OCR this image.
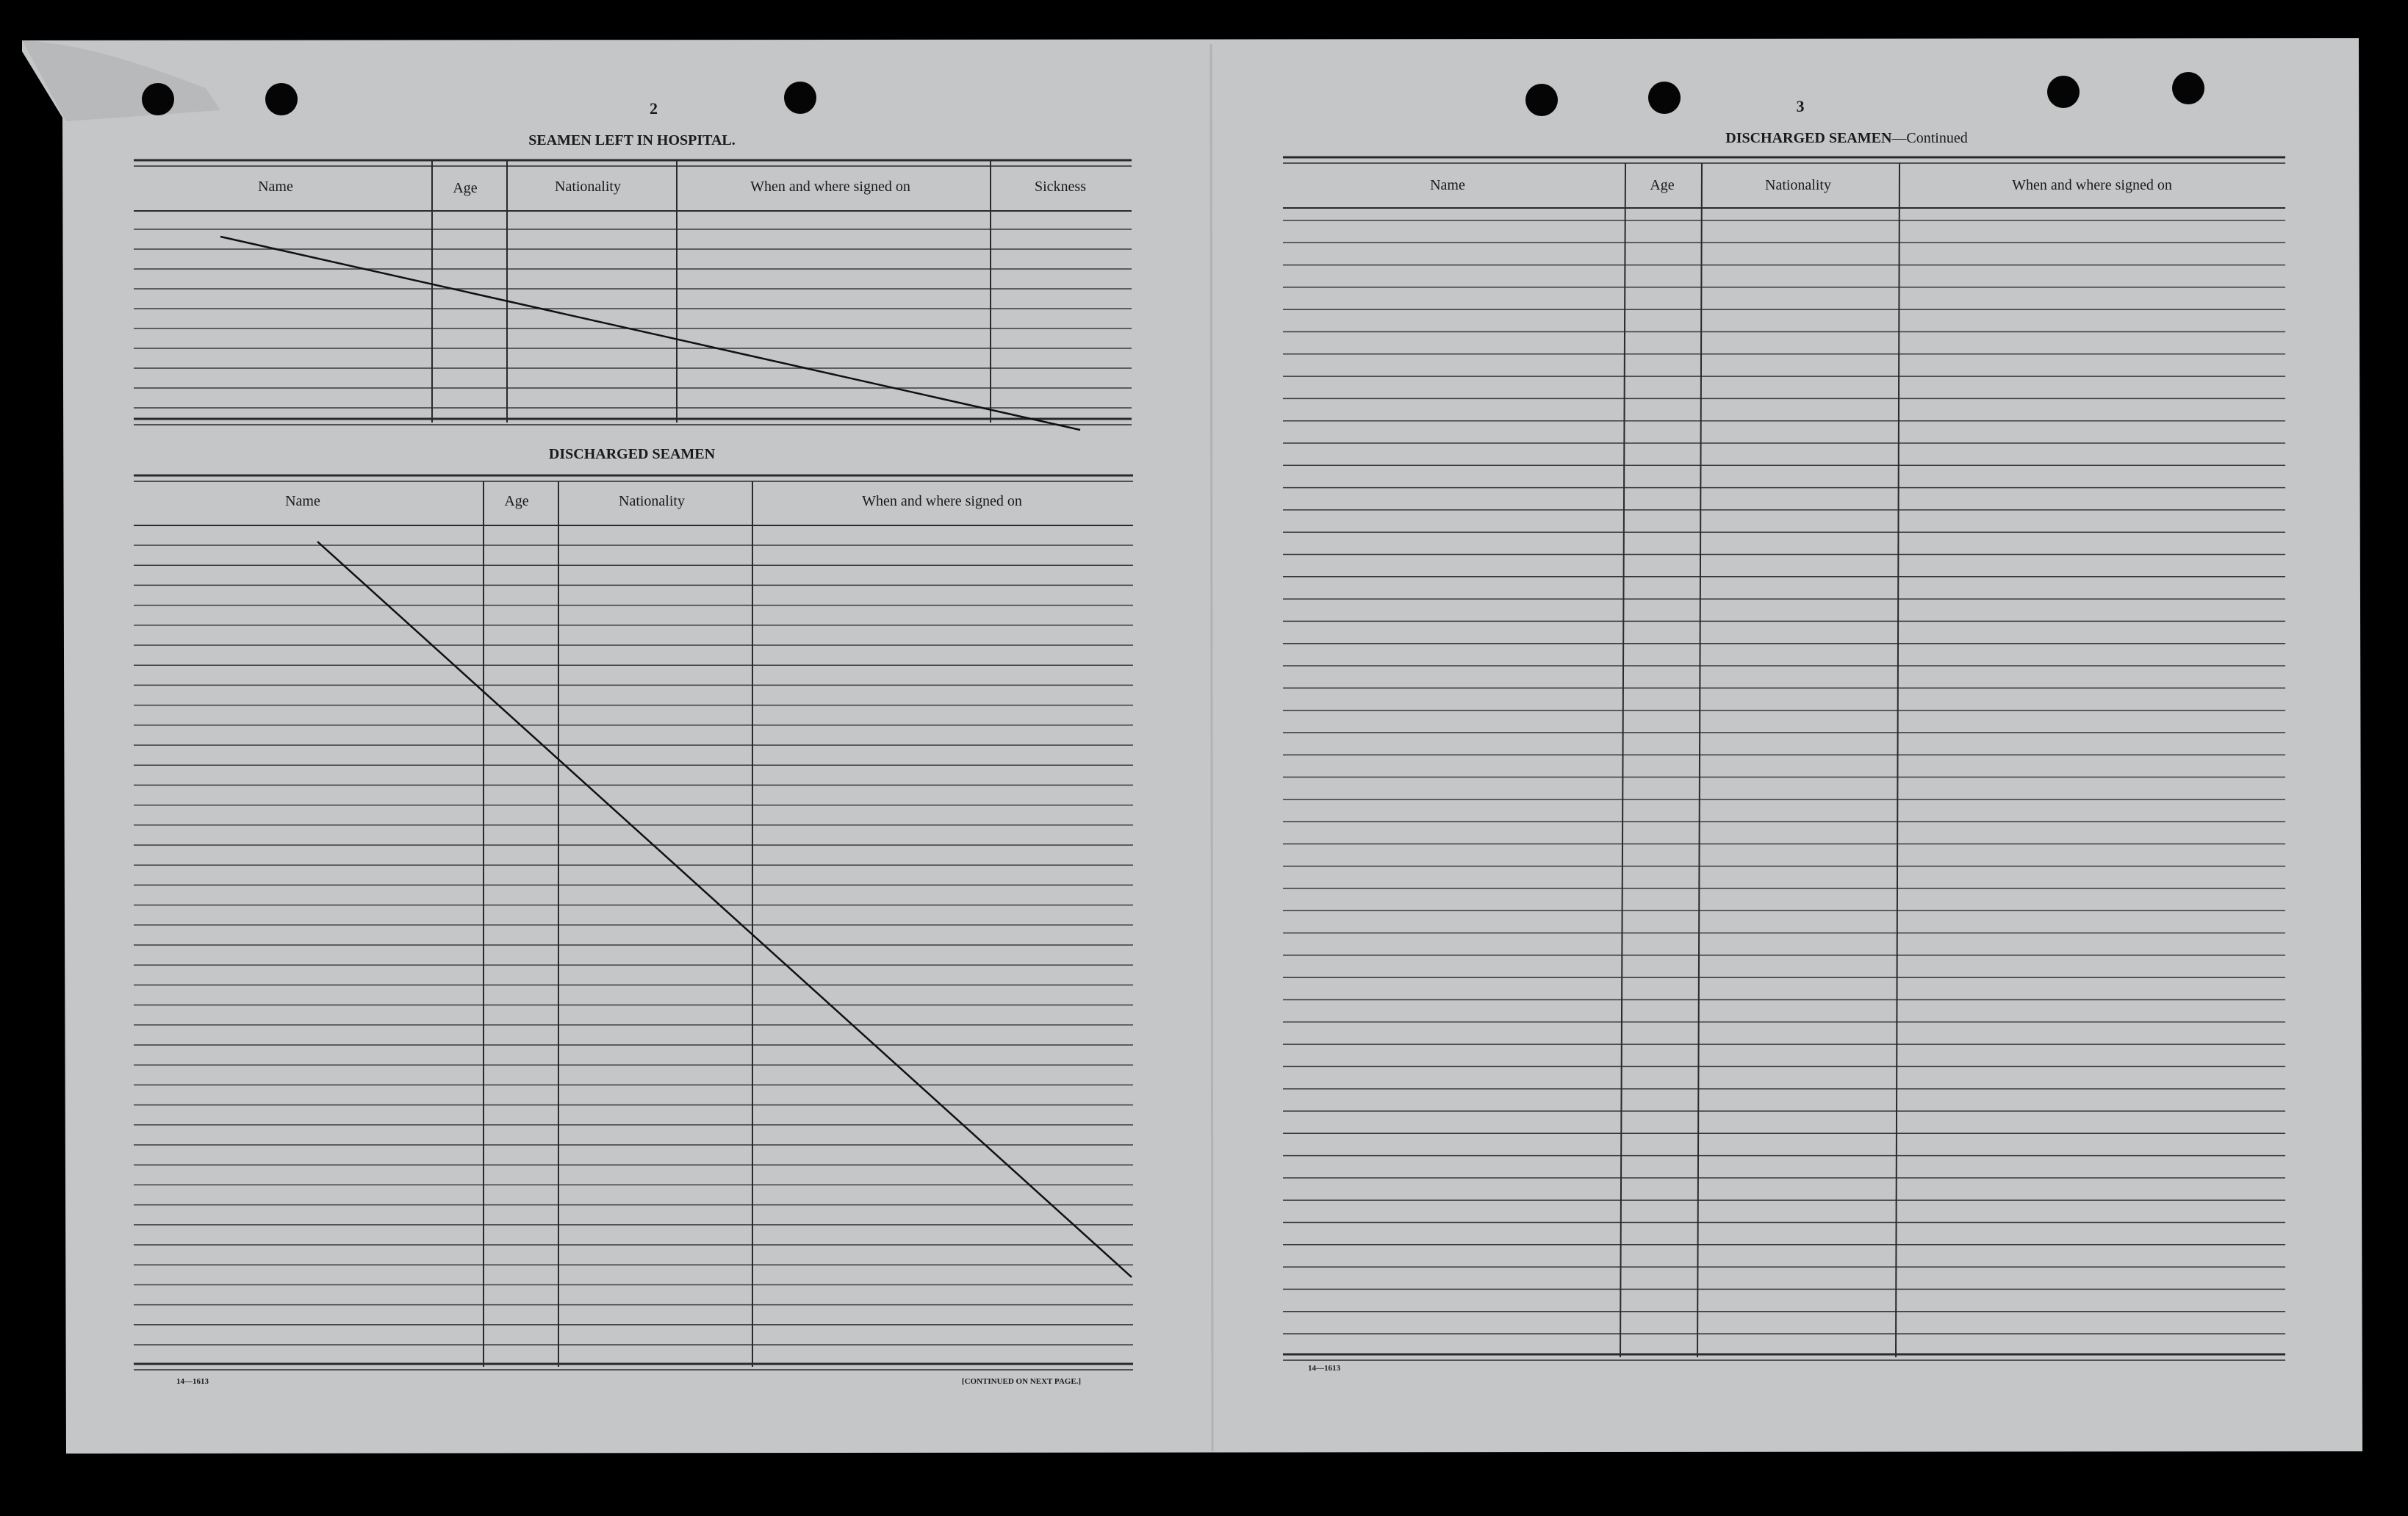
2
SEAMEN LEFT IN HOSPITAL.
Name	Age	Nationality	When and where signed on	Sickness
DISCHARGED SEAMEN
Name	Age	Nationality	When and where signed on
14—1613	[CONTINUED ON NEXT PAGE.]
3
DISCHARGED SEAMEN—Continued
Name	Age	Nationality	When and where signed on
14—1613
